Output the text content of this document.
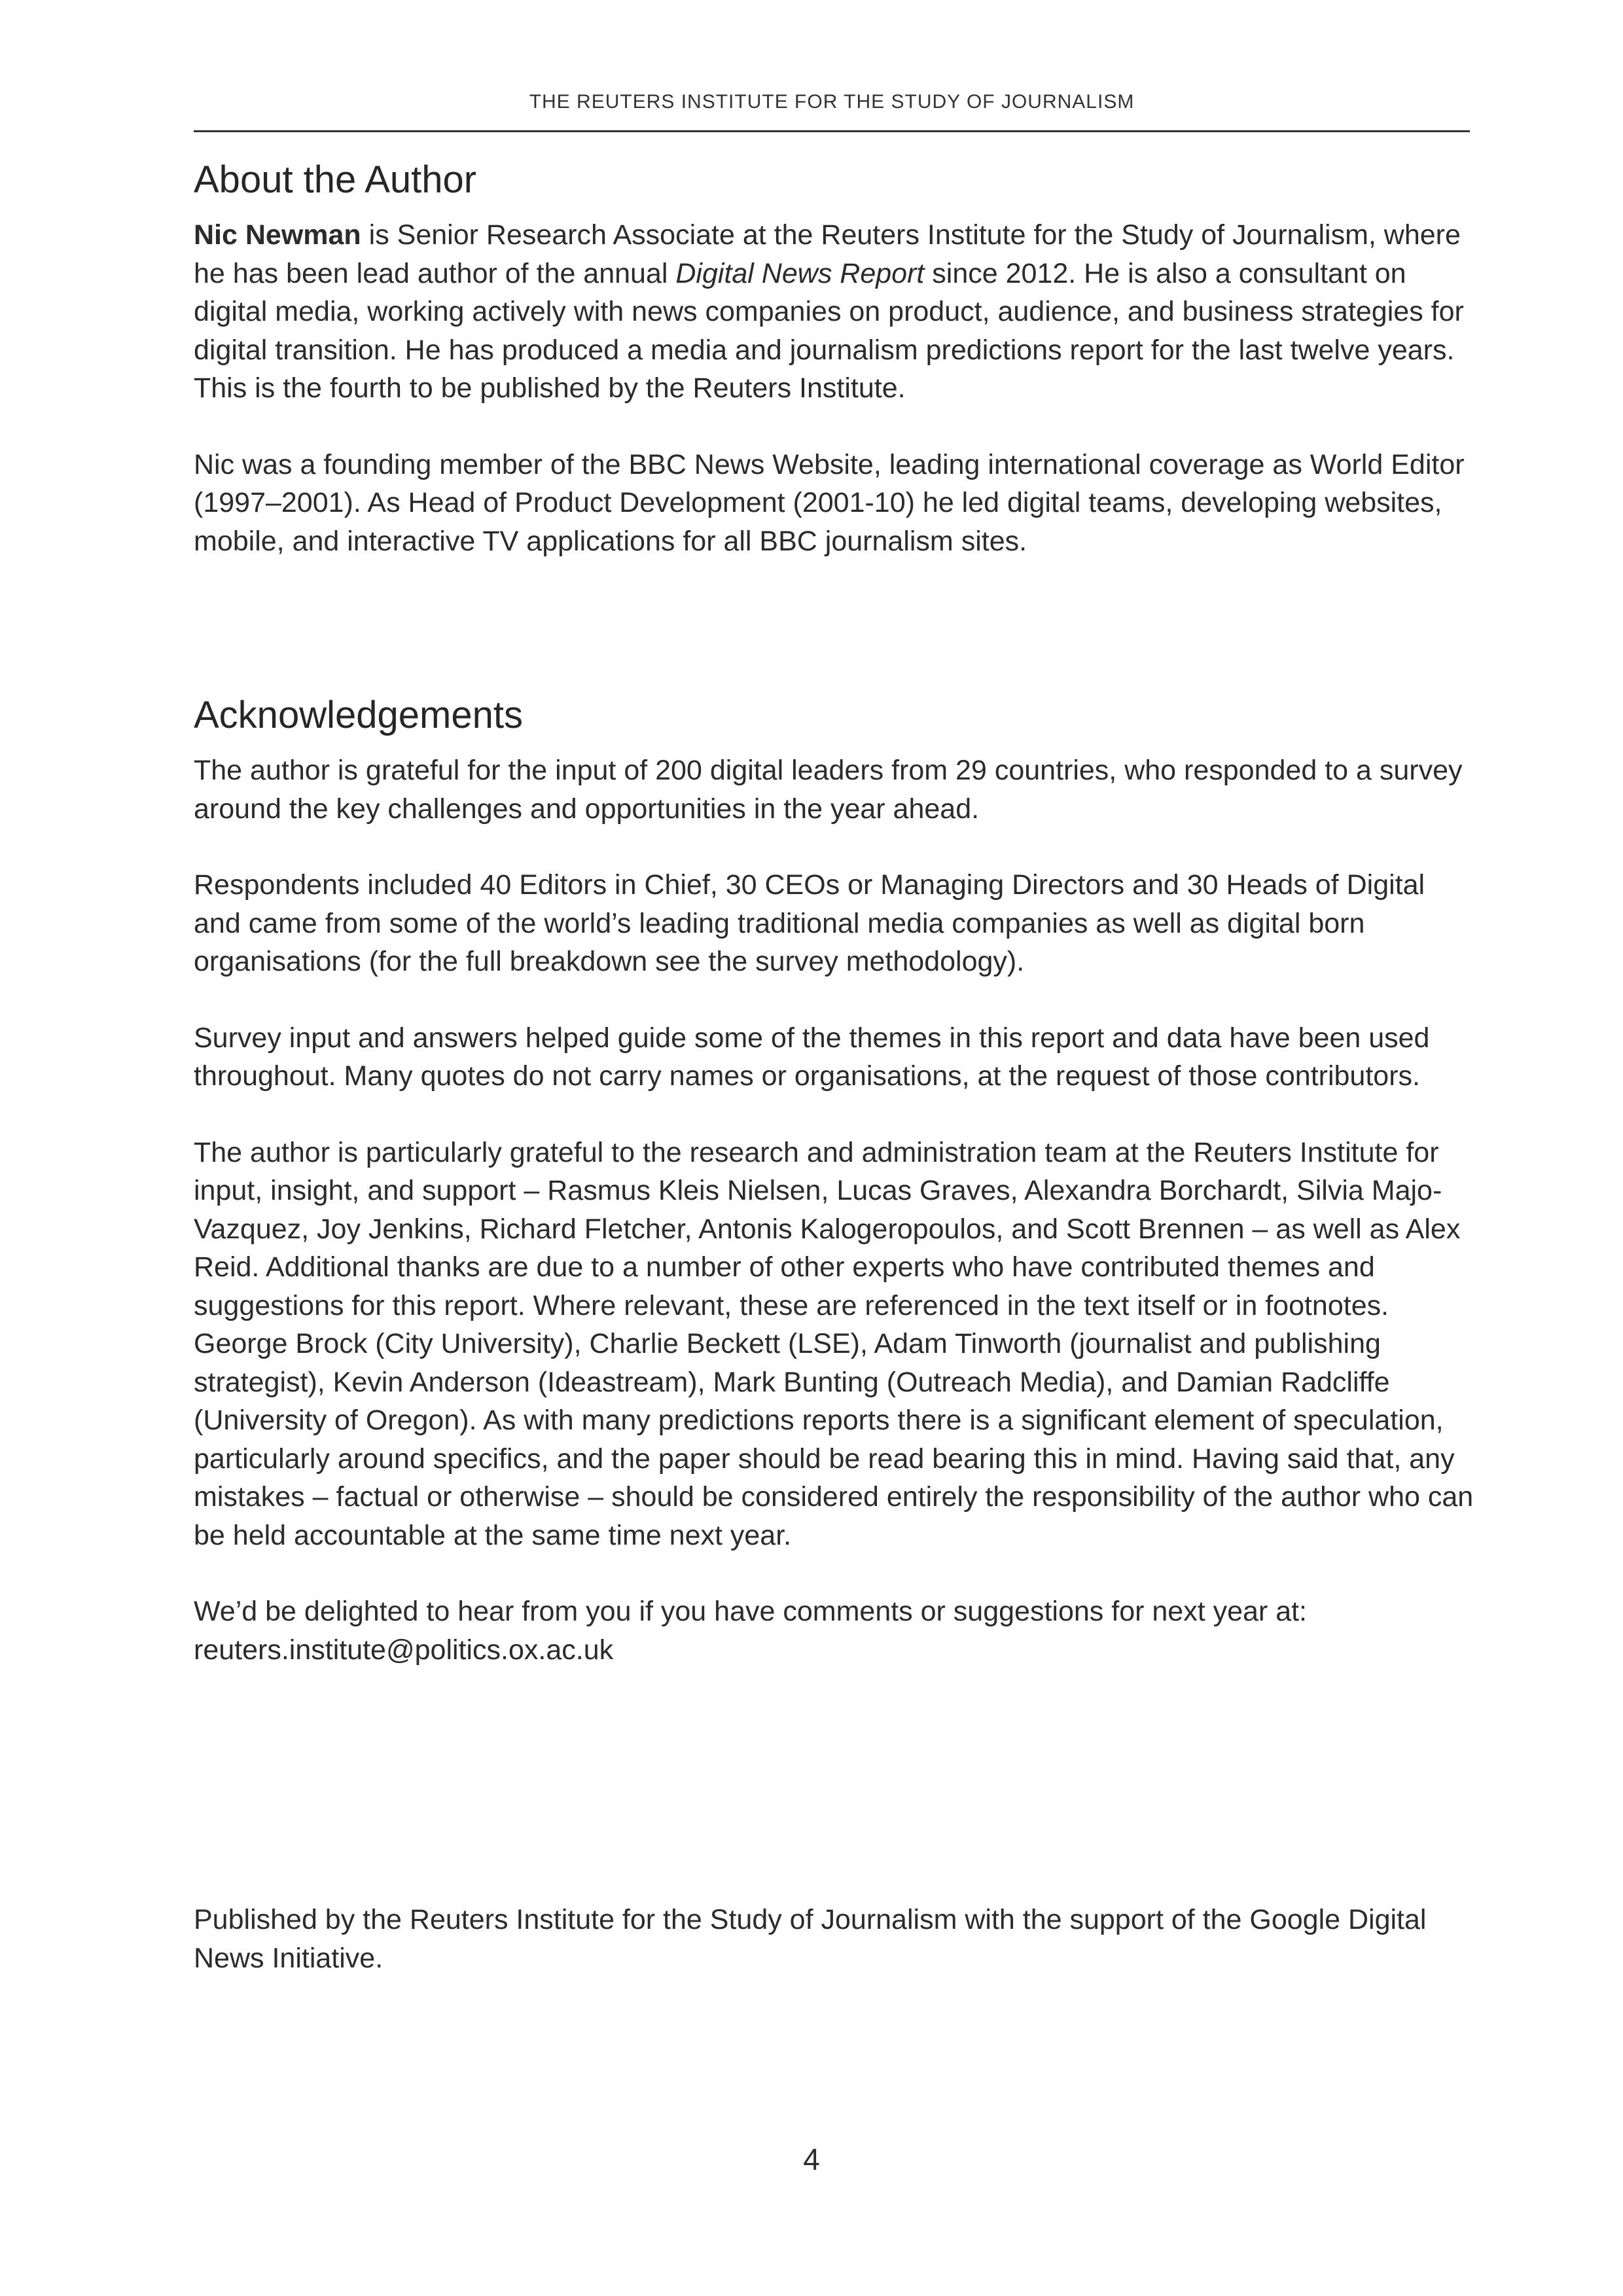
THE REUTERS INSTITUTE FOR THE STUDY OF JOURNALISM
About the Author

Nic Newman is Senior Research Associate at the Reuters Institute for the Study of Journalism, where he has been lead author of the annual Digital News Report since 2012. He is also a consultant on digital media, working actively with news companies on product, audience, and business strategies for digital transition. He has produced a media and journalism predictions report for the last twelve years. This is the fourth to be published by the Reuters Institute.

Nic was a founding member of the BBC News Website, leading international coverage as World Editor (1997–2001). As Head of Product Development (2001-10) he led digital teams, developing websites, mobile, and interactive TV applications for all BBC journalism sites.

Acknowledgements

The author is grateful for the input of 200 digital leaders from 29 countries, who responded to a survey around the key challenges and opportunities in the year ahead.

Respondents included 40 Editors in Chief, 30 CEOs or Managing Directors and 30 Heads of Digital and came from some of the world’s leading traditional media companies as well as digital born organisations (for the full breakdown see the survey methodology).

Survey input and answers helped guide some of the themes in this report and data have been used throughout. Many quotes do not carry names or organisations, at the request of those contributors.

The author is particularly grateful to the research and administration team at the Reuters Institute for input, insight, and support – Rasmus Kleis Nielsen, Lucas Graves, Alexandra Borchardt, Silvia Majo-Vazquez, Joy Jenkins, Richard Fletcher, Antonis Kalogeropoulos, and Scott Brennen – as well as Alex Reid. Additional thanks are due to a number of other experts who have contributed themes and suggestions for this report. Where relevant, these are referenced in the text itself or in footnotes. George Brock (City University), Charlie Beckett (LSE), Adam Tinworth (journalist and publishing strategist), Kevin Anderson (Ideastream), Mark Bunting (Outreach Media), and Damian Radcliffe (University of Oregon). As with many predictions reports there is a significant element of speculation, particularly around specifics, and the paper should be read bearing this in mind. Having said that, any mistakes – factual or otherwise – should be considered entirely the responsibility of the author who can be held accountable at the same time next year.

We’d be delighted to hear from you if you have comments or suggestions for next year at: reuters.institute@politics.ox.ac.uk

Published by the Reuters Institute for the Study of Journalism with the support of the Google Digital News Initiative.

4
